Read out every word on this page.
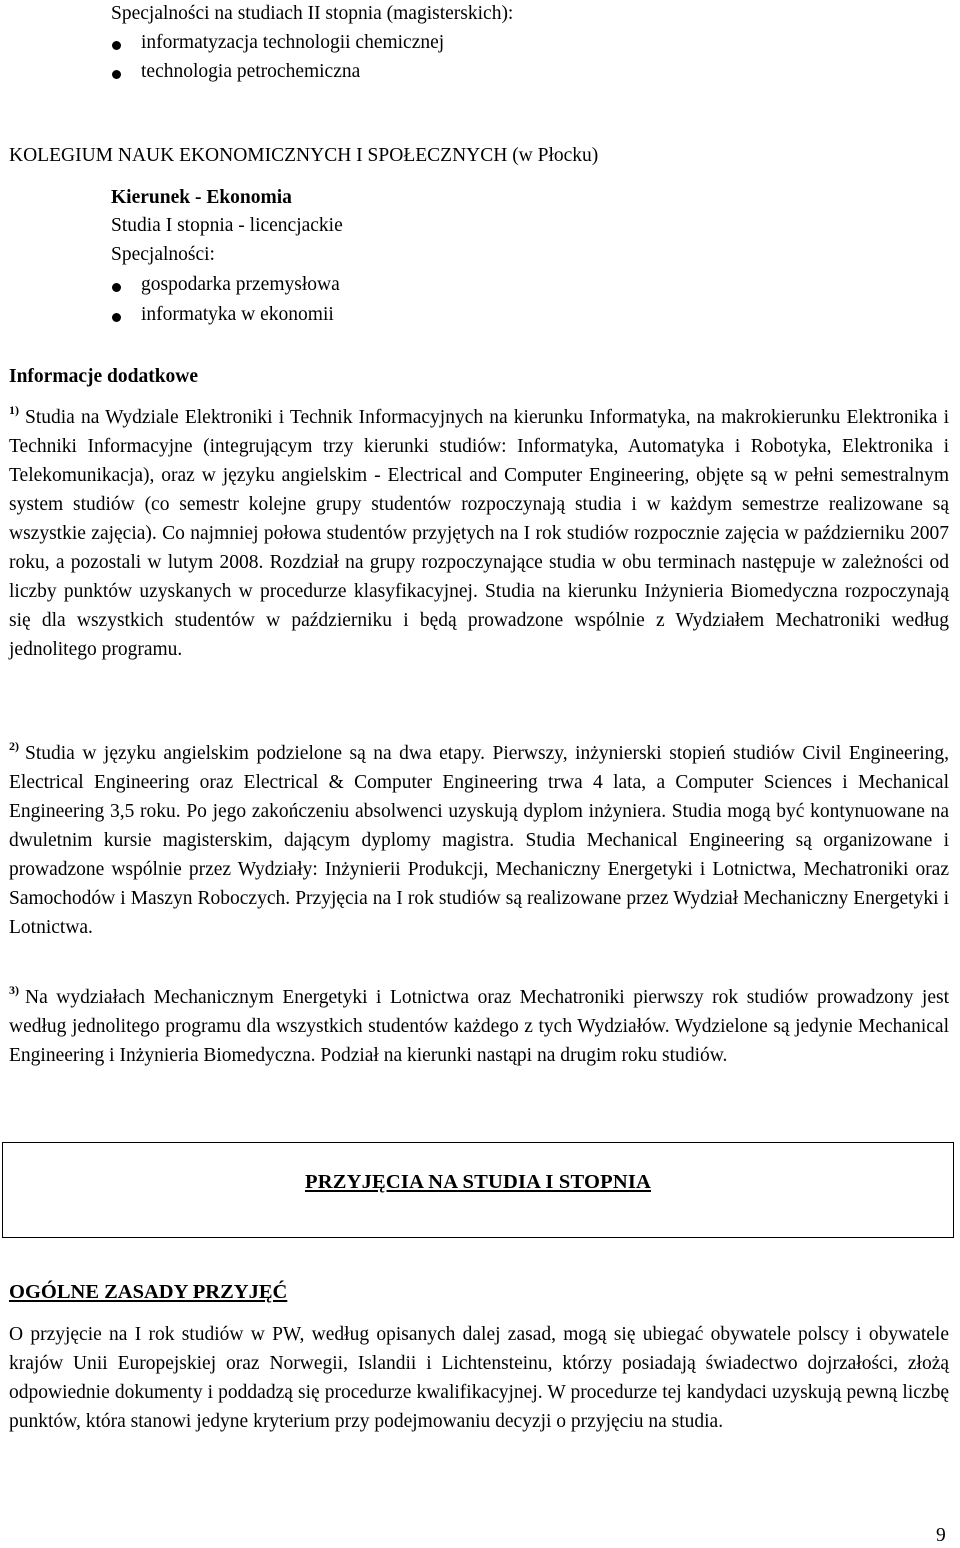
Specjalności na studiach II stopnia (magisterskich):
informatyzacja technologii chemicznej
technologia petrochemiczna
KOLEGIUM NAUK EKONOMICZNYCH I SPOŁECZNYCH (w Płocku)
Kierunek - Ekonomia
Studia I stopnia - licencjackie
Specjalności:
gospodarka przemysłowa
informatyka w ekonomii
Informacje dodatkowe
$^{1)}$ Studia na Wydziale Elektroniki i Technik Informacyjnych na kierunku Informatyka, na makrokierunku Elektronika i Techniki Informacyjne (integrującym trzy kierunki studiów: Informatyka, Automatyka i Robotyka, Elektronika i Telekomunikacja), oraz w języku angielskim - Electrical and Computer Engineering, objęte są w pełni semestralnym system studiów (co semestr kolejne grupy studentów rozpoczynają studia i w każdym semestrze realizowane są wszystkie zajęcia). Co najmniej połowa studentów przyjętych na I rok studiów rozpocznie zajęcia w październiku 2007 roku, a pozostali w lutym 2008. Rozdział na grupy rozpoczynające studia w obu terminach następuje w zależności od liczby punktów uzyskanych w procedurze klasyfikacyjnej. Studia na kierunku Inżynieria Biomedyczna rozpoczynają się dla wszystkich studentów w październiku i będą prowadzone wspólnie z Wydziałem Mechatroniki według jednolitego programu.
$^{2)}$ Studia w języku angielskim podzielone są na dwa etapy. Pierwszy, inżynierski stopień studiów Civil Engineering, Electrical Engineering oraz Electrical & Computer Engineering trwa 4 lata, a Computer Sciences i Mechanical Engineering 3,5 roku. Po jego zakończeniu absolwenci uzyskują dyplom inżyniera. Studia mogą być kontynuowane na dwuletnim kursie magisterskim, dającym dyplomy magistra. Studia Mechanical Engineering są organizowane i prowadzone wspólnie przez Wydziały: Inżynierii Produkcji, Mechaniczny Energetyki i Lotnictwa, Mechatroniki oraz Samochodów i Maszyn Roboczych. Przyjęcia na I rok studiów są realizowane przez Wydział Mechaniczny Energetyki i Lotnictwa.
$^{3)}$ Na wydziałach Mechanicznym Energetyki i Lotnictwa oraz Mechatroniki pierwszy rok studiów prowadzony jest według jednolitego programu dla wszystkich studentów każdego z tych Wydziałów. Wydzielone są jedynie Mechanical Engineering i Inżynieria Biomedyczna. Podział na kierunki nastąpi na drugim roku studiów.
PRZYJĘCIA NA STUDIA I STOPNIA
OGÓLNE ZASADY PRZYJĘĆ
O przyjęcie na I rok studiów w PW, według opisanych dalej zasad, mogą się ubiegać obywatele polscy i obywatele krajów Unii Europejskiej oraz Norwegii, Islandii i Lichtensteinu, którzy posiadają świadectwo dojrzałości, złożą odpowiednie dokumenty i poddadzą się procedurze kwalifikacyjnej. W procedurze tej kandydaci uzyskują pewną liczbę punktów, która stanowi jedyne kryterium przy podejmowaniu decyzji o przyjęciu na studia.
9
